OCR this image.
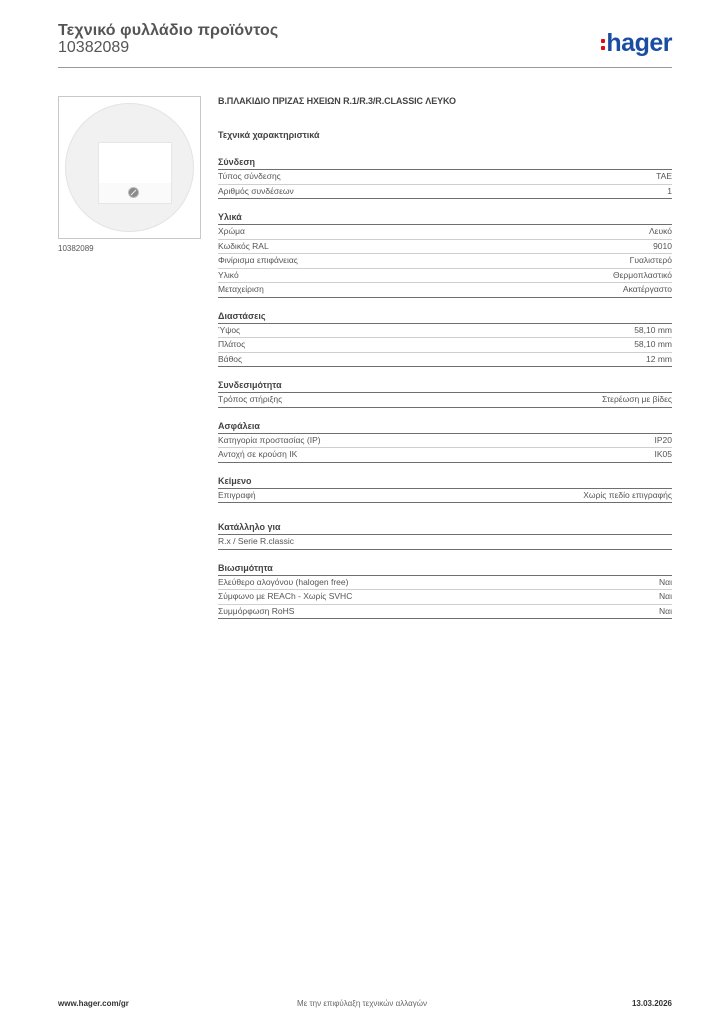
Τεχνικό φυλλάδιο προϊόντος
10382089	hager
10382089
Β.ΠΛΑΚΙΔΙΟ ΠΡΙΖΑΣ ΗΧΕΙΩΝ R.1/R.3/R.CLASSIC ΛΕΥΚΟ
Τεχνικά χαρακτηριστικά
Σύνδεση
Τύπος σύνδεσης	TAE
Αριθμός συνδέσεων	1
Υλικά
Χρώμα	Λευκό
Κωδικός RAL	9010
Φινίρισμα επιφάνειας	Γυαλιστερό
Υλικό	Θερμοπλαστικό
Μεταχείριση	Ακατέργαστο
Διαστάσεις
Ύψος	58,10 mm
Πλάτος	58,10 mm
Βάθος	12 mm
Συνδεσιμότητα
Τρόπος στήριξης	Στερέωση με βίδες
Ασφάλεια
Κατηγορία προστασίας (IP)	IP20
Αντοχή σε κρούση IK	IK05
Κείμενο
Επιγραφή	Χωρίς πεδίο επιγραφής
Κατάλληλο για
R.x / Serie R.classic
Βιωσιμότητα
Ελεύθερο αλογόνου (halogen free)	Ναι
Σύμφωνο με REACh - Χωρίς SVHC	Ναι
Συμμόρφωση RoHS	Ναι
www.hager.com/gr	Με την επιφύλαξη τεχνικών αλλαγών	13.03.2026
